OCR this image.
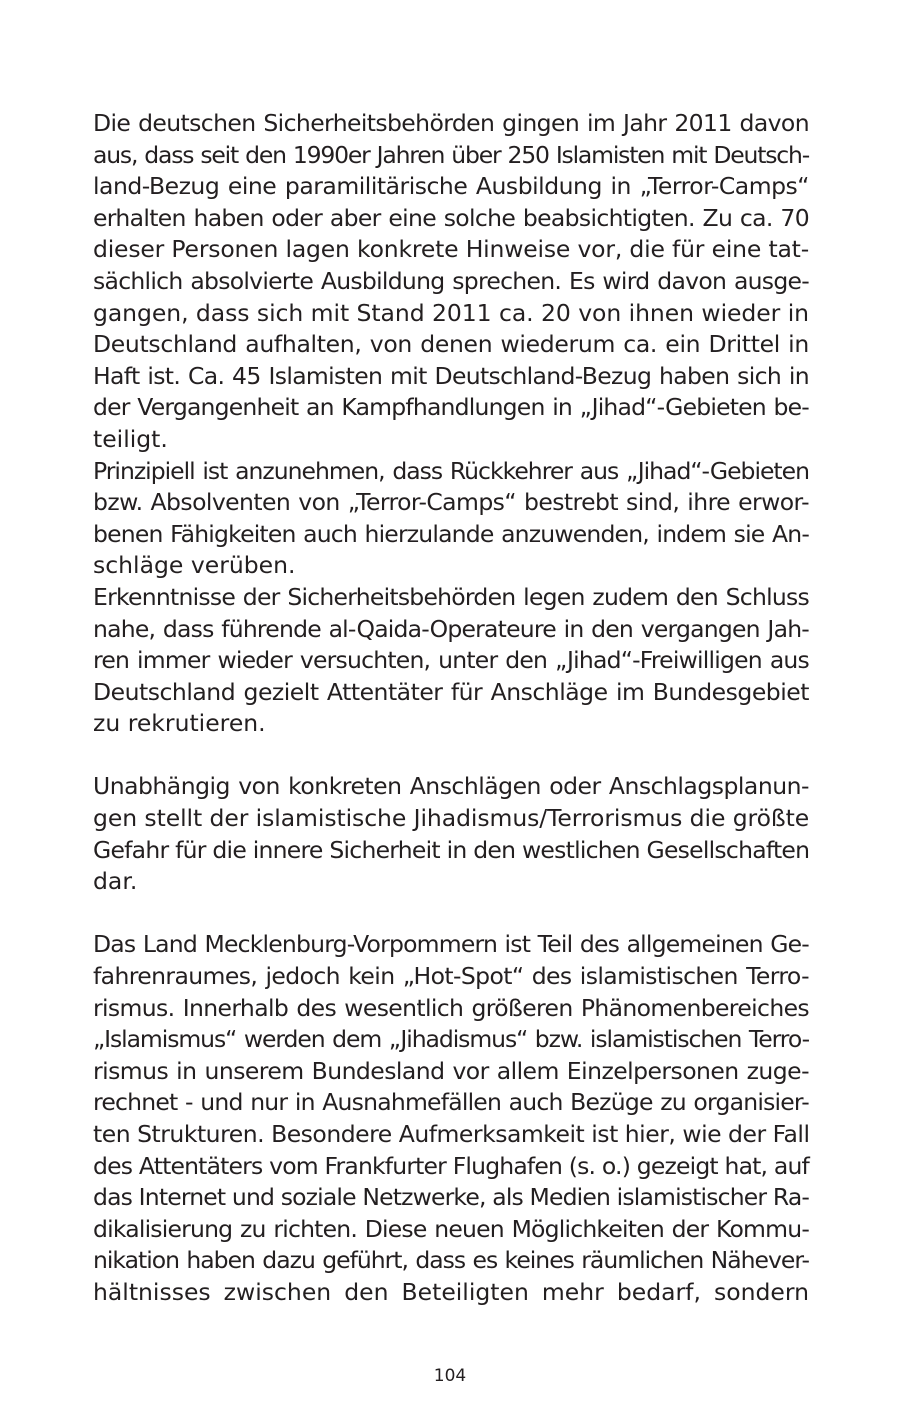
Die deutschen Sicherheitsbehörden gingen im Jahr 2011 davon
aus, dass seit den 1990er Jahren über 250 Islamisten mit Deutsch-
land-Bezug eine paramilitärische Ausbildung in „Terror-Camps“
erhalten haben oder aber eine solche beabsichtigten. Zu ca. 70
dieser Personen lagen konkrete Hinweise vor, die für eine tat-
sächlich absolvierte Ausbildung sprechen. Es wird davon ausge-
gangen, dass sich mit Stand 2011 ca. 20 von ihnen wieder in
Deutschland aufhalten, von denen wiederum ca. ein Drittel in
Haft ist. Ca. 45 Islamisten mit Deutschland-Bezug haben sich in
der Vergangenheit an Kampfhandlungen in „Jihad“-Gebieten be-
teiligt.
Prinzipiell ist anzunehmen, dass Rückkehrer aus „Jihad“-Gebieten
bzw. Absolventen von „Terror-Camps“ bestrebt sind, ihre erwor-
benen Fähigkeiten auch hierzulande anzuwenden, indem sie An-
schläge verüben.
Erkenntnisse der Sicherheitsbehörden legen zudem den Schluss
nahe, dass führende al-Qaida-Operateure in den vergangen Jah-
ren immer wieder versuchten, unter den „Jihad“-Freiwilligen aus
Deutschland gezielt Attentäter für Anschläge im Bundesgebiet
zu rekrutieren.
Unabhängig von konkreten Anschlägen oder Anschlagsplanun-
gen stellt der islamistische Jihadismus/Terrorismus die größte
Gefahr für die innere Sicherheit in den westlichen Gesellschaften
dar.
Das Land Mecklenburg-Vorpommern ist Teil des allgemeinen Ge-
fahrenraumes, jedoch kein „Hot-Spot“ des islamistischen Terro-
rismus. Innerhalb des wesentlich größeren Phänomenbereiches
„Islamismus“ werden dem „Jihadismus“ bzw. islamistischen Terro-
rismus in unserem Bundesland vor allem Einzelpersonen zuge-
rechnet - und nur in Ausnahmefällen auch Bezüge zu organisier-
ten Strukturen. Besondere Aufmerksamkeit ist hier, wie der Fall
des Attentäters vom Frankfurter Flughafen (s. o.) gezeigt hat, auf
das Internet und soziale Netzwerke, als Medien islamistischer Ra-
dikalisierung zu richten. Diese neuen Möglichkeiten der Kommu-
nikation haben dazu geführt, dass es keines räumlichen Nähever-
hältnisses zwischen den Beteiligten mehr bedarf, sondern
104
